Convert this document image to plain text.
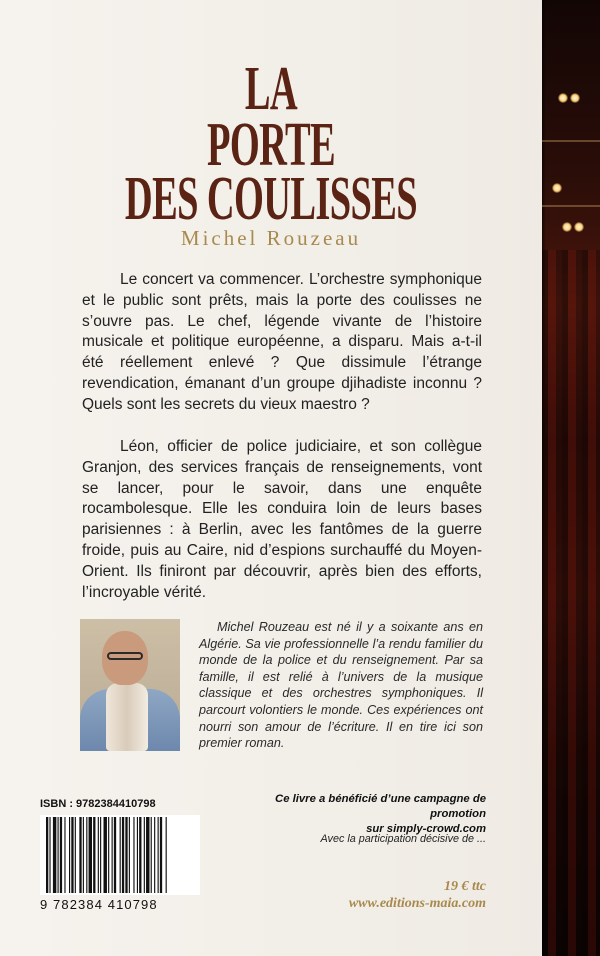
LA
PORTE
DES COULISSES
Michel Rouzeau
Le concert va commencer. L’orchestre symphonique et le public sont prêts, mais la porte des coulisses ne s’ouvre pas. Le chef, légende vivante de l’histoire musicale et politique européenne, a disparu. Mais a-t-il été réellement enlevé ? Que dissimule l’étrange revendication, émanant d’un groupe djihadiste inconnu ? Quels sont les secrets du vieux maestro ?
Léon, officier de police judiciaire, et son collègue Granjon, des services français de renseignements, vont se lancer, pour le savoir, dans une enquête rocambolesque. Elle les conduira loin de leurs bases parisiennes : à Berlin, avec les fantômes de la guerre froide, puis au Caire, nid d’espions surchauffé du Moyen-Orient. Ils finiront par découvrir, après bien des efforts, l’incroyable vérité.
Michel Rouzeau est né il y a soixante ans en Algérie. Sa vie professionnelle l’a rendu familier du monde de la police et du renseignement. Par sa famille, il est relié à l’univers de la musique classique et des orchestres symphoniques. Il parcourt volontiers le monde. Ces expériences ont nourri son amour de l’écriture. Il en tire ici son premier roman.
ISBN : 9782384410798
9 782384 410798
Ce livre a bénéficié d’une campagne de promotion
sur simply-crowd.com
Avec la participation décisive de ...
19 € ttc
www.editions-maia.com
